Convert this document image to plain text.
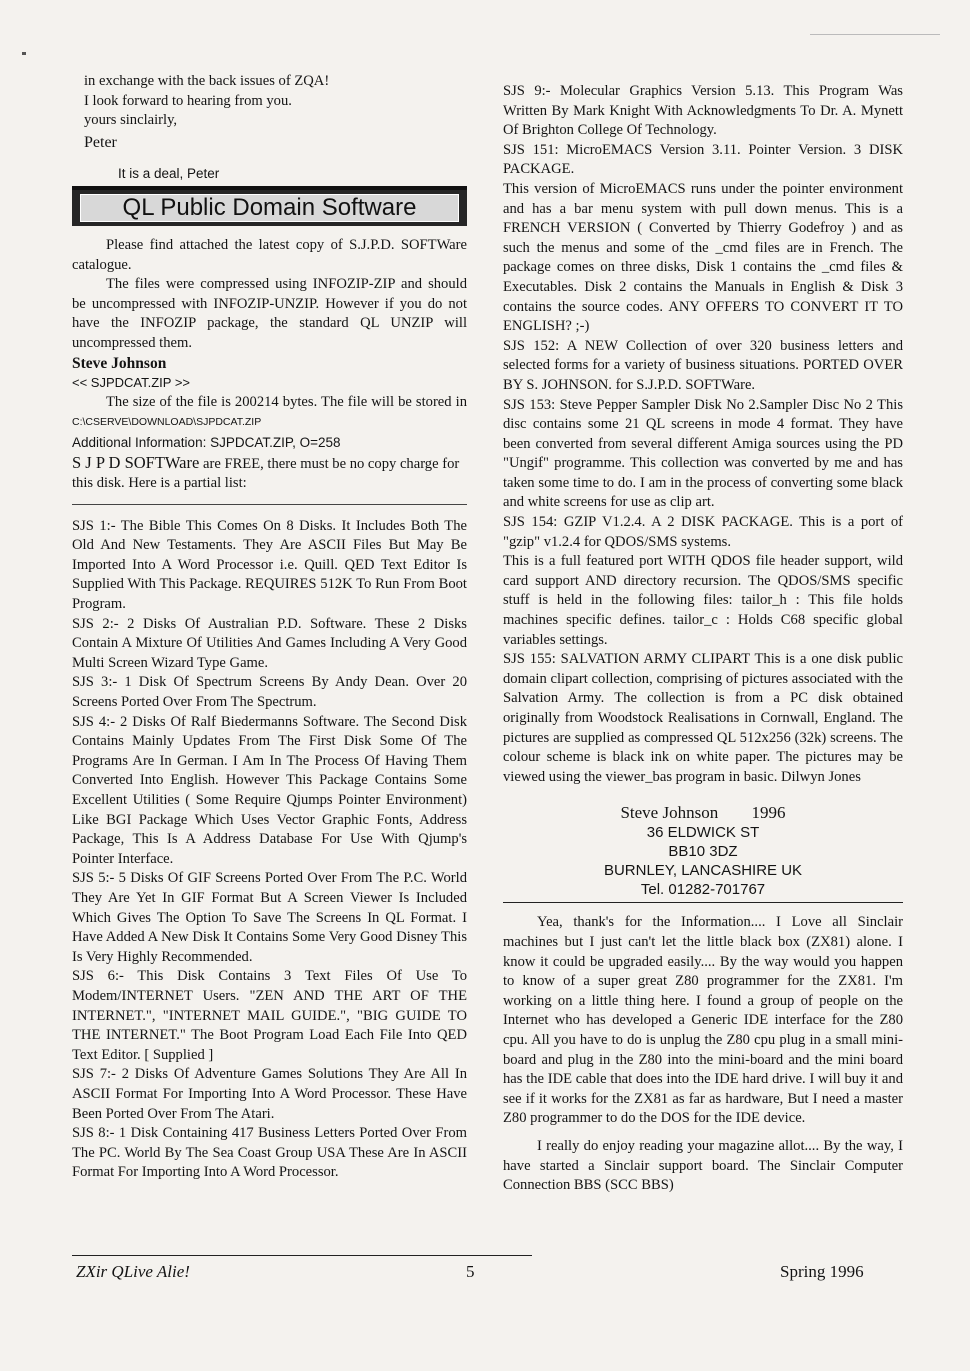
in exchange with the back issues of ZQA!

I look forward to hearing from you.

yours sinclairly,

Peter

It is a deal, Peter

QL Public Domain Software

Please find attached the latest copy of S.J.P.D. SOFTWare catalogue.

The files were compressed using INFOZIP-ZIP and should be uncompressed with INFOZIP-UNZIP. However if you do not have the INFOZIP package, the standard QL UNZIP will uncompressed them.

Steve Johnson

<< SJPDCAT.ZIP >>

The size of the file is 200214 bytes. The file will be stored in C:\CSERVE\DOWNLOAD\SJPDCAT.ZIP

Additional Information: SJPDCAT.ZIP, O=258

S J P D SOFTWare are FREE, there must be no copy charge for this disk. Here is a partial list:

SJS 1:- The Bible This Comes On 8 Disks. It Includes Both The Old And New Testaments. They Are ASCII Files But May Be Imported Into A Word Processor i.e. Quill. QED Text Editor Is Supplied With This Package. REQUIRES 512K To Run From Boot Program.

SJS 2:- 2 Disks Of Australian P.D. Software. These 2 Disks Contain A Mixture Of Utilities And Games Including A Very Good Multi Screen Wizard Type Game.

SJS 3:- 1 Disk Of Spectrum Screens By Andy Dean. Over 20 Screens Ported Over From The Spectrum.

SJS 4:- 2 Disks Of Ralf Biedermanns Software. The Second Disk Contains Mainly Updates From The First Disk Some Of The Programs Are In German. I Am In The Process Of Having Them Converted Into English. However This Package Contains Some Excellent Utilities ( Some Require Qjumps Pointer Environment) Like BGI Package Which Uses Vector Graphic Fonts, Address Package, This Is A Address Database For Use With Qjump's Pointer Interface.

SJS 5:- 5 Disks Of GIF Screens Ported Over From The P.C. World They Are Yet In GIF Format But A Screen Viewer Is Included Which Gives The Option To Save The Screens In QL Format. I Have Added A New Disk It Contains Some Very Good Disney This Is Very Highly Recommended.

SJS 6:- This Disk Contains 3 Text Files Of Use To Modem/INTERNET Users. "ZEN AND THE ART OF THE INTERNET.", "INTERNET MAIL GUIDE.", "BIG GUIDE TO THE INTERNET." The Boot Program Load Each File Into QED Text Editor. [ Supplied ]

SJS 7:- 2 Disks Of Adventure Games Solutions They Are All In ASCII Format For Importing Into A Word Processor. These Have Been Ported Over From The Atari.

SJS 8:- 1 Disk Containing 417 Business Letters Ported Over From The PC. World By The Sea Coast Group USA These Are In ASCII Format For Importing Into A Word Processor.

SJS 9:- Molecular Graphics Version 5.13. This Program Was Written By Mark Knight With Acknowledgments To Dr. A. Mynett Of Brighton College Of Technology.

SJS 151: MicroEMACS Version 3.11. Pointer Version. 3 DISK PACKAGE.

This version of MicroEMACS runs under the pointer environment and has a bar menu system with pull down menus. This is a FRENCH VERSION ( Converted by Thierry Godefroy ) and as such the menus and some of the _cmd files are in French. The package comes on three disks, Disk 1 contains the _cmd files & Executables. Disk 2 contains the Manuals in English & Disk 3 contains the source codes. ANY OFFERS TO CONVERT IT TO ENGLISH? ;-)

SJS 152: A NEW Collection of over 320 business letters and selected forms for a variety of business situations. PORTED OVER BY S. JOHNSON. for S.J.P.D. SOFTWare.

SJS 153: Steve Pepper Sampler Disk No 2.Sampler Disc No 2 This disc contains some 21 QL screens in mode 4 format. They have been converted from several different Amiga sources using the PD "Ungif" programme. This collection was converted by me and has taken some time to do. I am in the process of converting some black and white screens for use as clip art.

SJS 154: GZIP V1.2.4. A 2 DISK PACKAGE. This is a port of "gzip" v1.2.4 for QDOS/SMS systems.

This is a full featured port WITH QDOS file header support, wild card support AND directory recursion. The QDOS/SMS specific stuff is held in the following files: tailor_h : This file holds machines specific defines. tailor_c : Holds C68 specific global variables settings.

SJS 155: SALVATION ARMY CLIPART This is a one disk public domain clipart collection, comprising of pictures associated with the Salvation Army. The collection is from a PC disk obtained originally from Woodstock Realisations in Cornwall, England. The pictures are supplied as compressed QL 512x256 (32k) screens. The colour scheme is black ink on white paper. The pictures may be viewed using the viewer_bas program in basic. Dilwyn Jones

Steve Johnson 1996

36 ELDWICK ST

BB10 3DZ

BURNLEY, LANCASHIRE UK

Tel. 01282-701767

Yea, thank's for the Information.... I Love all Sinclair machines but I just can't let the little black box (ZX81) alone. I know it could be upgraded easily.... By the way would you happen to know of a super great Z80 programmer for the ZX81. I'm working on a little thing here. I found a group of people on the Internet who has developed a Generic IDE interface for the Z80 cpu. All you have to do is unplug the Z80 cpu plug in a small mini-board and plug in the Z80 into the mini-board and the mini board has the IDE cable that does into the IDE hard drive. I will buy it and see if it works for the ZX81 as far as hardware, But I need a master Z80 programmer to do the DOS for the IDE device.

I really do enjoy reading your magazine allot.... By the way, I have started a Sinclair support board. The Sinclair Computer Connection BBS (SCC BBS)

ZXir QLive Alie!	5	Spring 1996
